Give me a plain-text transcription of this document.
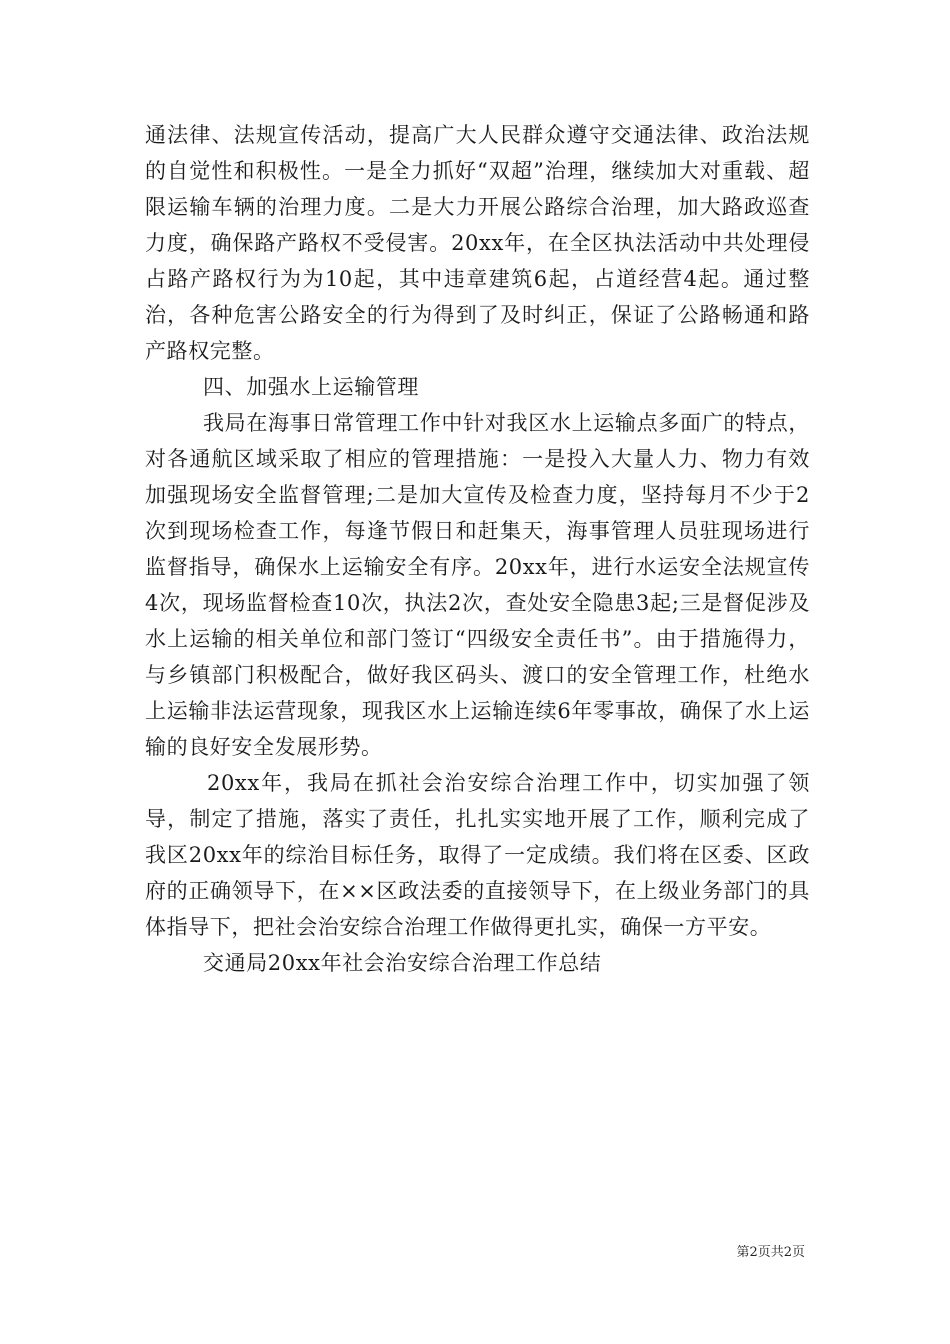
通法律、法规宣传活动，提高广大人民群众遵守交通法律、政治法规的自觉性和积极性。一是全力抓好“双超”治理，继续加大对重载、超限运输车辆的治理力度。二是大力开展公路综合治理，加大路政巡查力度，确保路产路权不受侵害。20xx年，在全区执法活动中共处理侵占路产路权行为为10起，其中违章建筑6起，占道经营4起。通过整治，各种危害公路安全的行为得到了及时纠正，保证了公路畅通和路产路权完整。

四、加强水上运输管理

我局在海事日常管理工作中针对我区水上运输点多面广的特点，对各通航区域采取了相应的管理措施：一是投入大量人力、物力有效加强现场安全监督管理;二是加大宣传及检查力度，坚持每月不少于2次到现场检查工作，每逢节假日和赶集天，海事管理人员驻现场进行监督指导，确保水上运输安全有序。20xx年，进行水运安全法规宣传4次，现场监督检查10次，执法2次，查处安全隐患3起;三是督促涉及水上运输的相关单位和部门签订“四级安全责任书”。由于措施得力，与乡镇部门积极配合，做好我区码头、渡口的安全管理工作，杜绝水上运输非法运营现象，现我区水上运输连续6年零事故，确保了水上运输的良好安全发展形势。

20xx年，我局在抓社会治安综合治理工作中，切实加强了领导，制定了措施，落实了责任，扎扎实实地开展了工作，顺利完成了我区20xx年的综治目标任务，取得了一定成绩。我们将在区委、区政府的正确领导下，在××区政法委的直接领导下，在上级业务部门的具体指导下，把社会治安综合治理工作做得更扎实，确保一方平安。

交通局20xx年社会治安综合治理工作总结

第2页共2页
